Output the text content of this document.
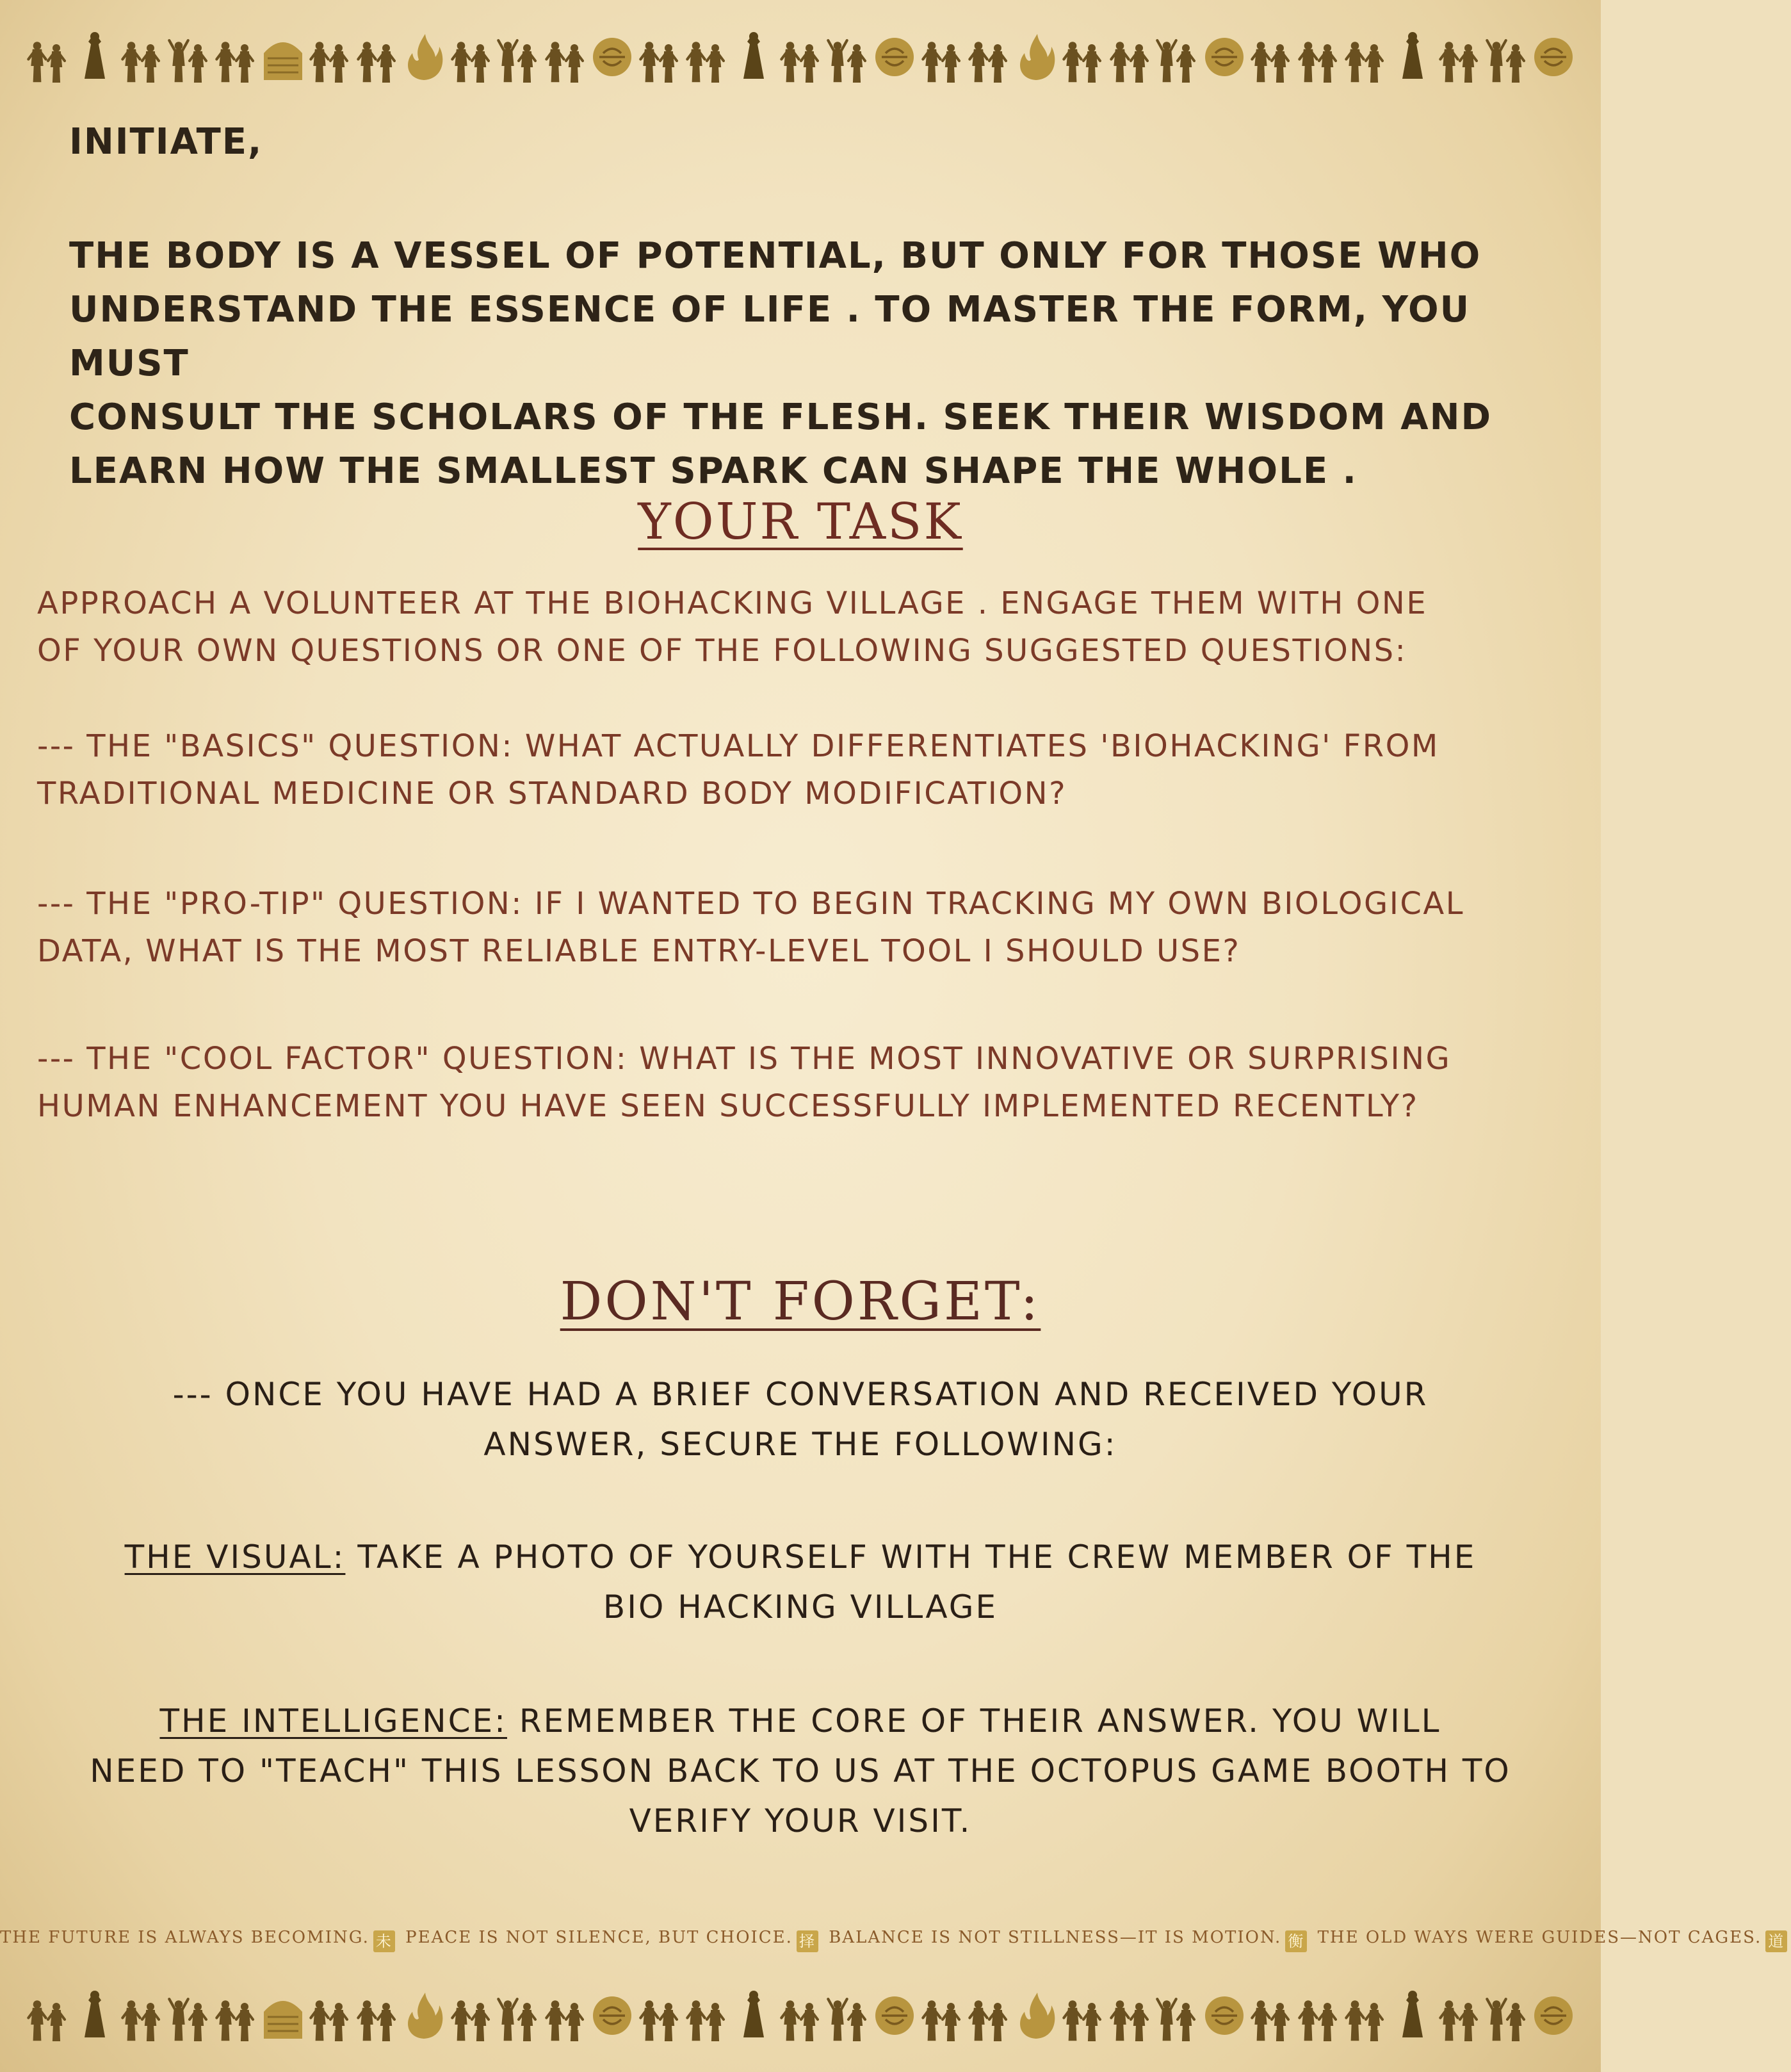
INITIATE,
THE BODY IS A VESSEL OF POTENTIAL, BUT ONLY FOR THOSE WHO
UNDERSTAND THE ESSENCE OF LIFE . TO MASTER THE FORM, YOU MUST
CONSULT THE SCHOLARS OF THE FLESH. SEEK THEIR WISDOM AND
LEARN HOW THE SMALLEST SPARK CAN SHAPE THE WHOLE .
YOUR TASK
APPROACH A VOLUNTEER AT THE BIOHACKING VILLAGE . ENGAGE THEM WITH ONE
OF YOUR OWN QUESTIONS OR ONE OF THE FOLLOWING SUGGESTED QUESTIONS:
--- THE "BASICS" QUESTION: WHAT ACTUALLY DIFFERENTIATES 'BIOHACKING' FROM
TRADITIONAL MEDICINE OR STANDARD BODY MODIFICATION?
--- THE "PRO-TIP" QUESTION: IF I WANTED TO BEGIN TRACKING MY OWN BIOLOGICAL
DATA, WHAT IS THE MOST RELIABLE ENTRY-LEVEL TOOL I SHOULD USE?
--- THE "COOL FACTOR" QUESTION: WHAT IS THE MOST INNOVATIVE OR SURPRISING
HUMAN ENHANCEMENT YOU HAVE SEEN SUCCESSFULLY IMPLEMENTED RECENTLY?
DON'T FORGET:
--- ONCE YOU HAVE HAD A BRIEF CONVERSATION AND RECEIVED YOUR
ANSWER, SECURE THE FOLLOWING:
THE VISUAL: TAKE A PHOTO OF YOURSELF WITH THE CREW MEMBER OF THE
BIO HACKING VILLAGE
THE INTELLIGENCE: REMEMBER THE CORE OF THEIR ANSWER. YOU WILL
NEED TO "TEACH" THIS LESSON BACK TO US AT THE OCTOPUS GAME BOOTH TO
VERIFY YOUR VISIT.
THE FUTURE IS ALWAYS BECOMING. 未 PEACE IS NOT SILENCE, BUT CHOICE. 择 BALANCE IS NOT STILLNESS—IT IS MOTION. 衡 THE OLD WAYS WERE GUIDES—NOT CAGES. 道
